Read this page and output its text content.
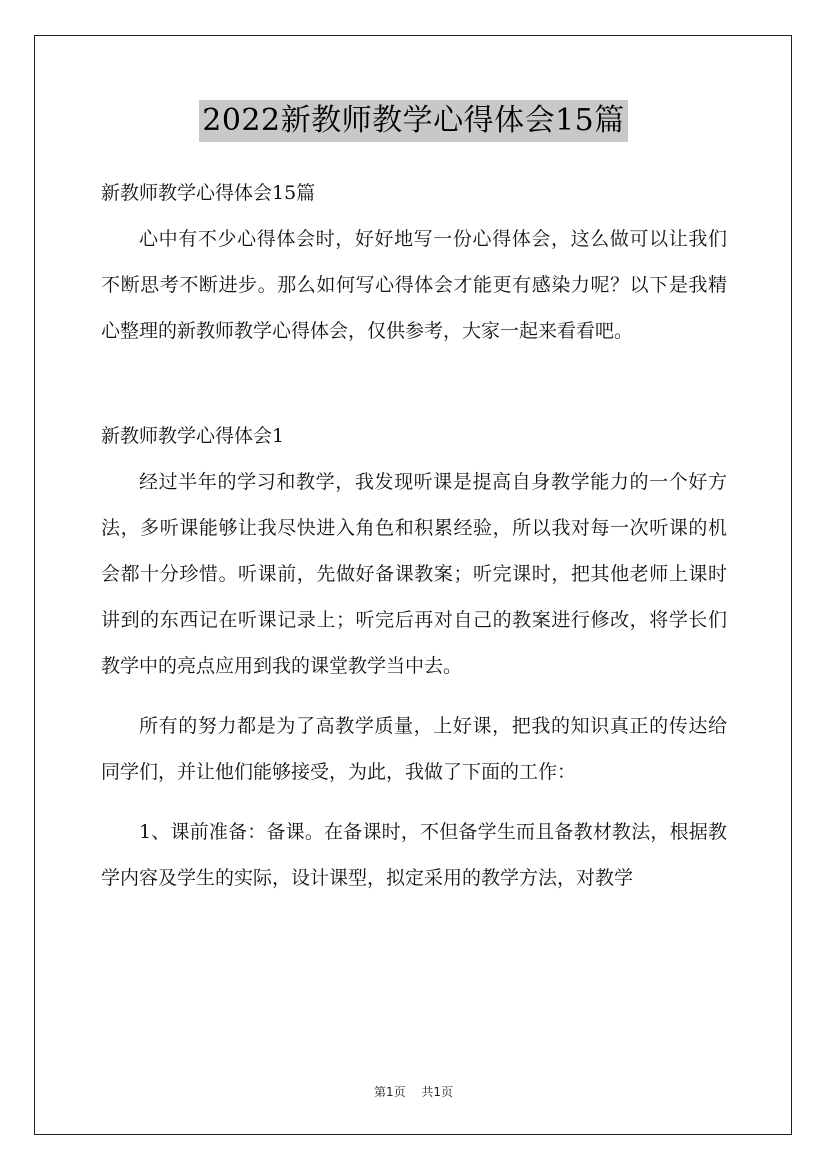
2022新教师教学心得体会15篇

新教师教学心得体会15篇

心中有不少心得体会时，好好地写一份心得体会，这么做可以让我们不断思考不断进步。那么如何写心得体会才能更有感染力呢？以下是我精心整理的新教师教学心得体会，仅供参考，大家一起来看看吧。

新教师教学心得体会1

经过半年的学习和教学，我发现听课是提高自身教学能力的一个好方法，多听课能够让我尽快进入角色和积累经验，所以我对每一次听课的机会都十分珍惜。听课前，先做好备课教案；听完课时，把其他老师上课时讲到的东西记在听课记录上；听完后再对自己的教案进行修改，将学长们教学中的亮点应用到我的课堂教学当中去。

所有的努力都是为了高教学质量，上好课，把我的知识真正的传达给同学们，并让他们能够接受，为此，我做了下面的工作：

1、课前准备：备课。在备课时，不但备学生而且备教材教法，根据教学内容及学生的实际，设计课型，拟定采用的教学方法，对教学

第1页 共1页
